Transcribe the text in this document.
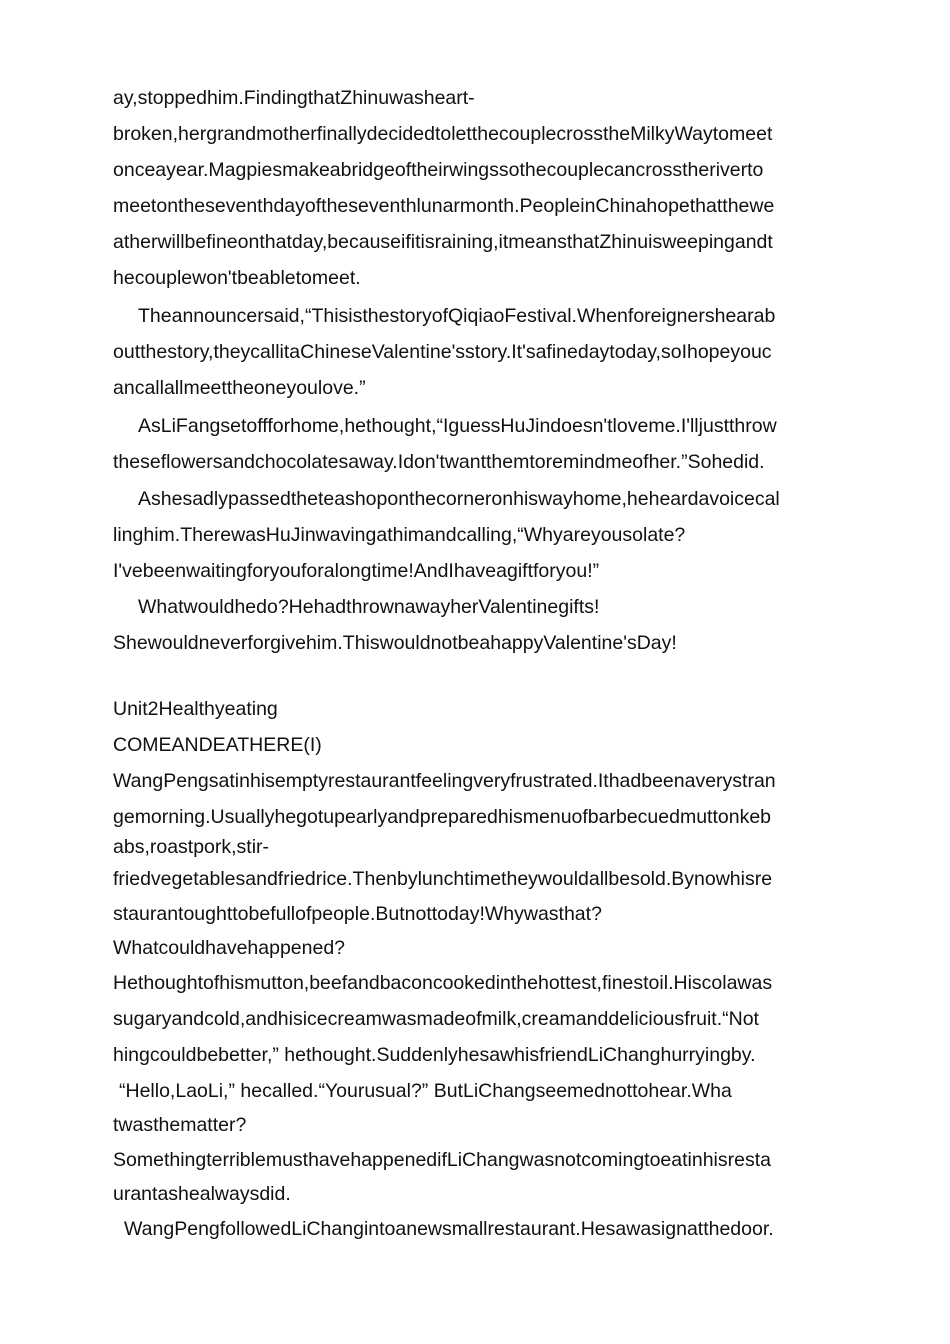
ay,stoppedhim.FindingthatZhinuwasheart-
broken,hergrandmotherfinallydecidedtoletthecouplecrosstheMilkyWaytomeet
onceayear.Magpiesmakeabridgeoftheirwingssothecouplecancrosstherivert​o
meetontheseventhdayoftheseventhlunarmonth.PeopleinChinahopethatthewe
atherwillbefineonthatday,becauseifitisraining,itmeansthatZhinuisweepingandt
hecouplewon'tbeabletomeet.
Theannouncersaid,“ThisisthestoryofQiqiaoFestival.Whenforeignershearab
outthestory,theycallitaChineseValentine'sstory.It'safinedaytoday,soIhopeyouc
ancallallmeettheoneyoulove.”
AsLiFangsetoffforhome,hethought,“IguessHuJindoesn'tloveme.I'lljustthrow
theseflowersandchocolatesaway.Idon'twantthemtoremindmeofher.”Sohedid.
Ashesadlypassedtheteashoponthecorneronhiswayhome,heheardavoicecal
linghim.TherewasHuJinwavingathimandcalling,“Whyareyousolate?
I'vebeenwaitingforyouforalongtime!AndIhaveagiftforyou!”
Whatwouldhedo?HehadthrownawayherValentinegifts!
Shewouldneverforgivehim.ThiswouldnotbeahappyValentine'sDay!
Unit2Healthyeating
COMEANDEATHERE(I)
WangPengsatinhisemptyrestaurantfeelingveryfrustrated.Ithadbeenaverystran
gemorning.Usuallyhegotupearlyandpreparedhismenuofbarbecuedmuttonkeb
abs,roastpork,stir-
friedvegetablesandfriedrice.Thenbylunchtimetheywouldallbesold.Bynowhisre
staurantoughttobefullofpeople.Butnottoday!Whywasthat?
Whatcouldhavehappened?
Hethoughtofhismutton,beefandbaconcookedinthehottest,finestoil.Hiscolawas
sugaryandcold,andhisicecreamwasmadeofmilk,creamanddeliciousfruit.“Not
hingcouldbebetter,” hethought.SuddenlyhesawhisfriendLiChanghurryingby.
“Hello,LaoLi,” hecalled.“Yourusual?” ButLiChangseemednottohear.Wha
twasthematter?
SomethingterriblemusthavehappenedifLiChangwasnotcomingtoeatinhisresta
urantashealwaysdid.
WangPengfollowedLiChangintoanewsmallrestaurant.Hesawasignatthedoor.
